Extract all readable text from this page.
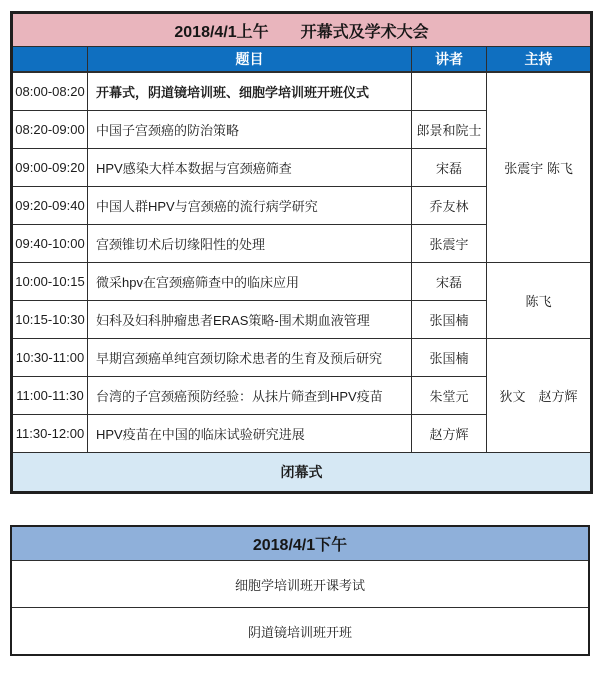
2018/4/1上午　　开幕式及学术大会			
	题目	讲者	主持
08:00-08:20	开幕式，阴道镜培训班、细胞学培训班开班仪式		张震宇 陈飞
08:20-09:00	中国子宫颈癌的防治策略	郎景和院士	
09:00-09:20	HPV感染大样本数据与宫颈癌筛查	宋磊	
09:20-09:40	中国人群HPV与宫颈癌的流行病学研究	乔友林	
09:40-10:00	宫颈锥切术后切缘阳性的处理	张震宇	
10:00-10:15	微采hpv在宫颈癌筛查中的临床应用	宋磊	陈飞
10:15-10:30	妇科及妇科肿瘤患者ERAS策略-围术期血液管理	张国楠	
10:30-11:00	早期宫颈癌单纯宫颈切除术患者的生育及预后研究	张国楠	狄文　赵方辉
11:00-11:30	台湾的子宫颈癌预防经验：从抹片筛查到HPV疫苗	朱堂元	
11:30-12:00	HPV疫苗在中国的临床试验研究进展	赵方辉	
闭幕式			
2018/4/1下午
细胞学培训班开课考试
阴道镜培训班开班
